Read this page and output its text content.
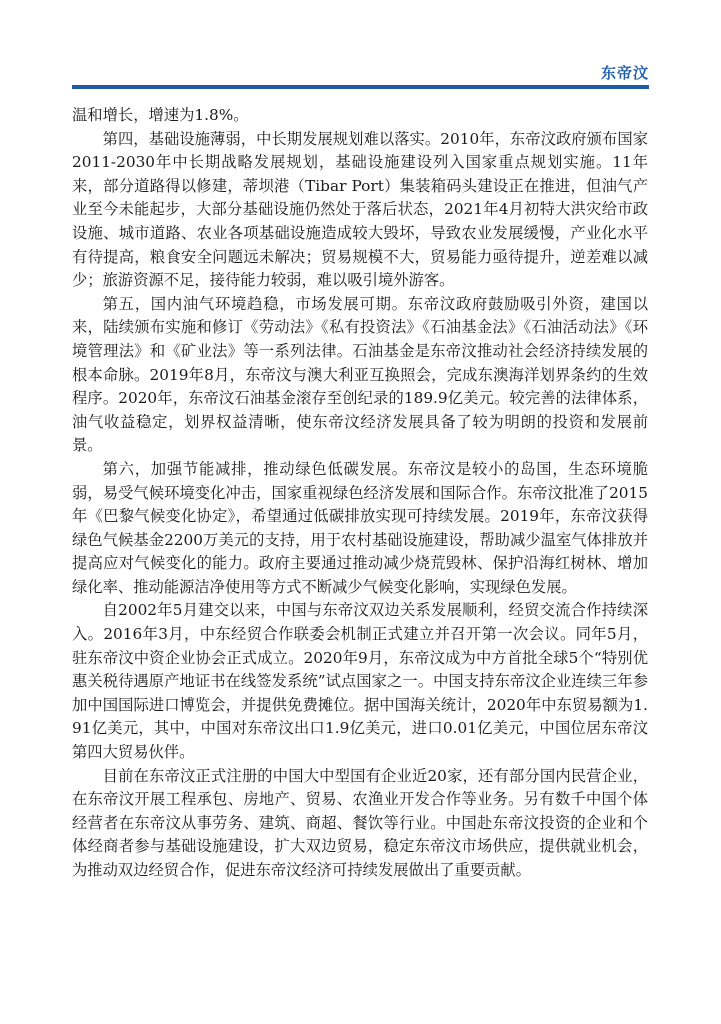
东帝汶

温和增长，增速为1.8%。

第四，基础设施薄弱，中长期发展规划难以落实。2010年，东帝汶政府颁布国家2011-2030年中长期战略发展规划，基础设施建设列入国家重点规划实施。11年来，部分道路得以修建，蒂坝港（Tibar Port）集装箱码头建设正在推进，但油气产业至今未能起步，大部分基础设施仍然处于落后状态，2021年4月初特大洪灾给市政设施、城市道路、农业各项基础设施造成较大毁坏，导致农业发展缓慢，产业化水平有待提高，粮食安全问题远未解决；贸易规模不大，贸易能力亟待提升，逆差难以减少；旅游资源不足，接待能力较弱，难以吸引境外游客。

第五，国内油气环境趋稳，市场发展可期。东帝汶政府鼓励吸引外资，建国以来，陆续颁布实施和修订《劳动法》《私有投资法》《石油基金法》《石油活动法》《环境管理法》和《矿业法》等一系列法律。石油基金是东帝汶推动社会经济持续发展的根本命脉。2019年8月，东帝汶与澳大利亚互换照会，完成东澳海洋划界条约的生效程序。2020年，东帝汶石油基金滚存至创纪录的189.9亿美元。较完善的法律体系，油气收益稳定，划界权益清晰，使东帝汶经济发展具备了较为明朗的投资和发展前景。

第六，加强节能减排，推动绿色低碳发展。东帝汶是较小的岛国，生态环境脆弱，易受气候环境变化冲击，国家重视绿色经济发展和国际合作。东帝汶批准了2015年《巴黎气候变化协定》，希望通过低碳排放实现可持续发展。2019年，东帝汶获得绿色气候基金2200万美元的支持，用于农村基础设施建设，帮助减少温室气体排放并提高应对气候变化的能力。政府主要通过推动减少烧荒毁林、保护沿海红树林、增加绿化率、推动能源洁净使用等方式不断减少气候变化影响，实现绿色发展。

自2002年5月建交以来，中国与东帝汶双边关系发展顺利，经贸交流合作持续深入。2016年3月，中东经贸合作联委会机制正式建立并召开第一次会议。同年5月，驻东帝汶中资企业协会正式成立。2020年9月，东帝汶成为中方首批全球5个“特别优惠关税待遇原产地证书在线签发系统”试点国家之一。中国支持东帝汶企业连续三年参加中国国际进口博览会，并提供免费摊位。据中国海关统计，2020年中东贸易额为1.91亿美元，其中，中国对东帝汶出口1.9亿美元，进口0.01亿美元，中国位居东帝汶第四大贸易伙伴。

目前在东帝汶正式注册的中国大中型国有企业近20家，还有部分国内民营企业，在东帝汶开展工程承包、房地产、贸易、农渔业开发合作等业务。另有数千中国个体经营者在东帝汶从事劳务、建筑、商超、餐饮等行业。中国赴东帝汶投资的企业和个体经商者参与基础设施建设，扩大双边贸易，稳定东帝汶市场供应，提供就业机会，为推动双边经贸合作，促进东帝汶经济可持续发展做出了重要贡献。
